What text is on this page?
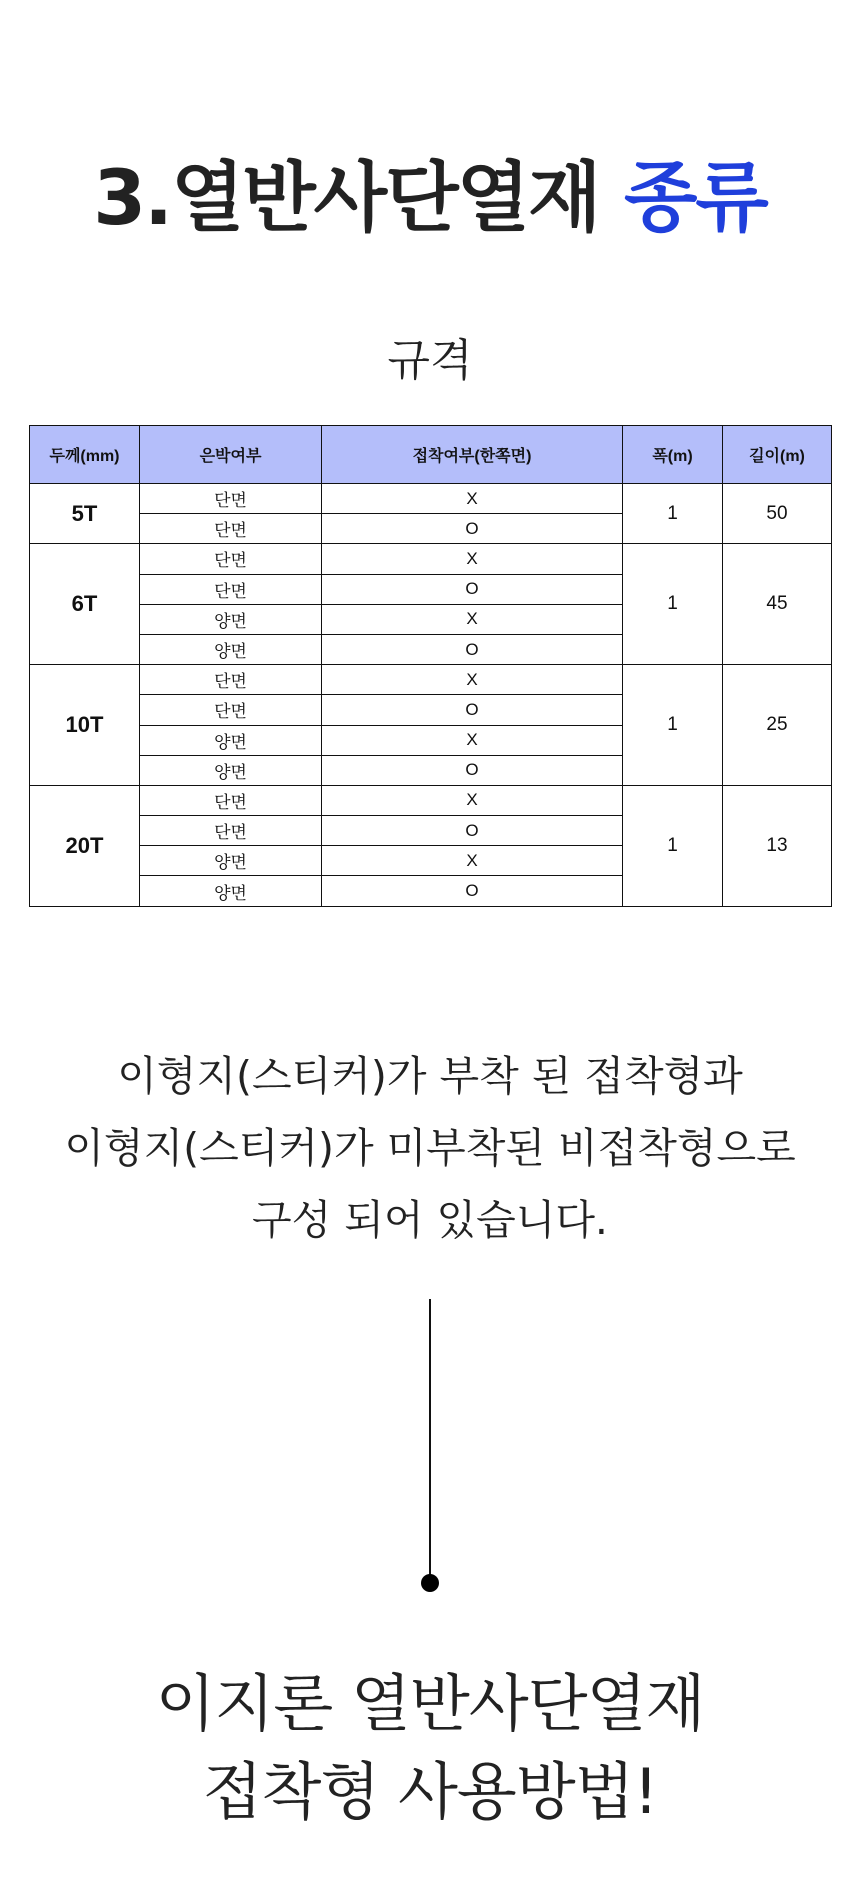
3.열반사단열재 종류
규격
두께(mm)	은박여부	접착여부(한쪽면)	폭(m)	길이(m)
5T	단면	X	1	50
	단면	O		
6T	단면	X	1	45
	단면	O		
	양면	X		
	양면	O		
10T	단면	X	1	25
	단면	O		
	양면	X		
	양면	O		
20T	단면	X	1	13
	단면	O		
	양면	X		
	양면	O		
이형지(스티커)가 부착 된 접착형과
이형지(스티커)가 미부착된 비접착형으로
구성 되어 있습니다.
이지론 열반사단열재
접착형 사용방법!
